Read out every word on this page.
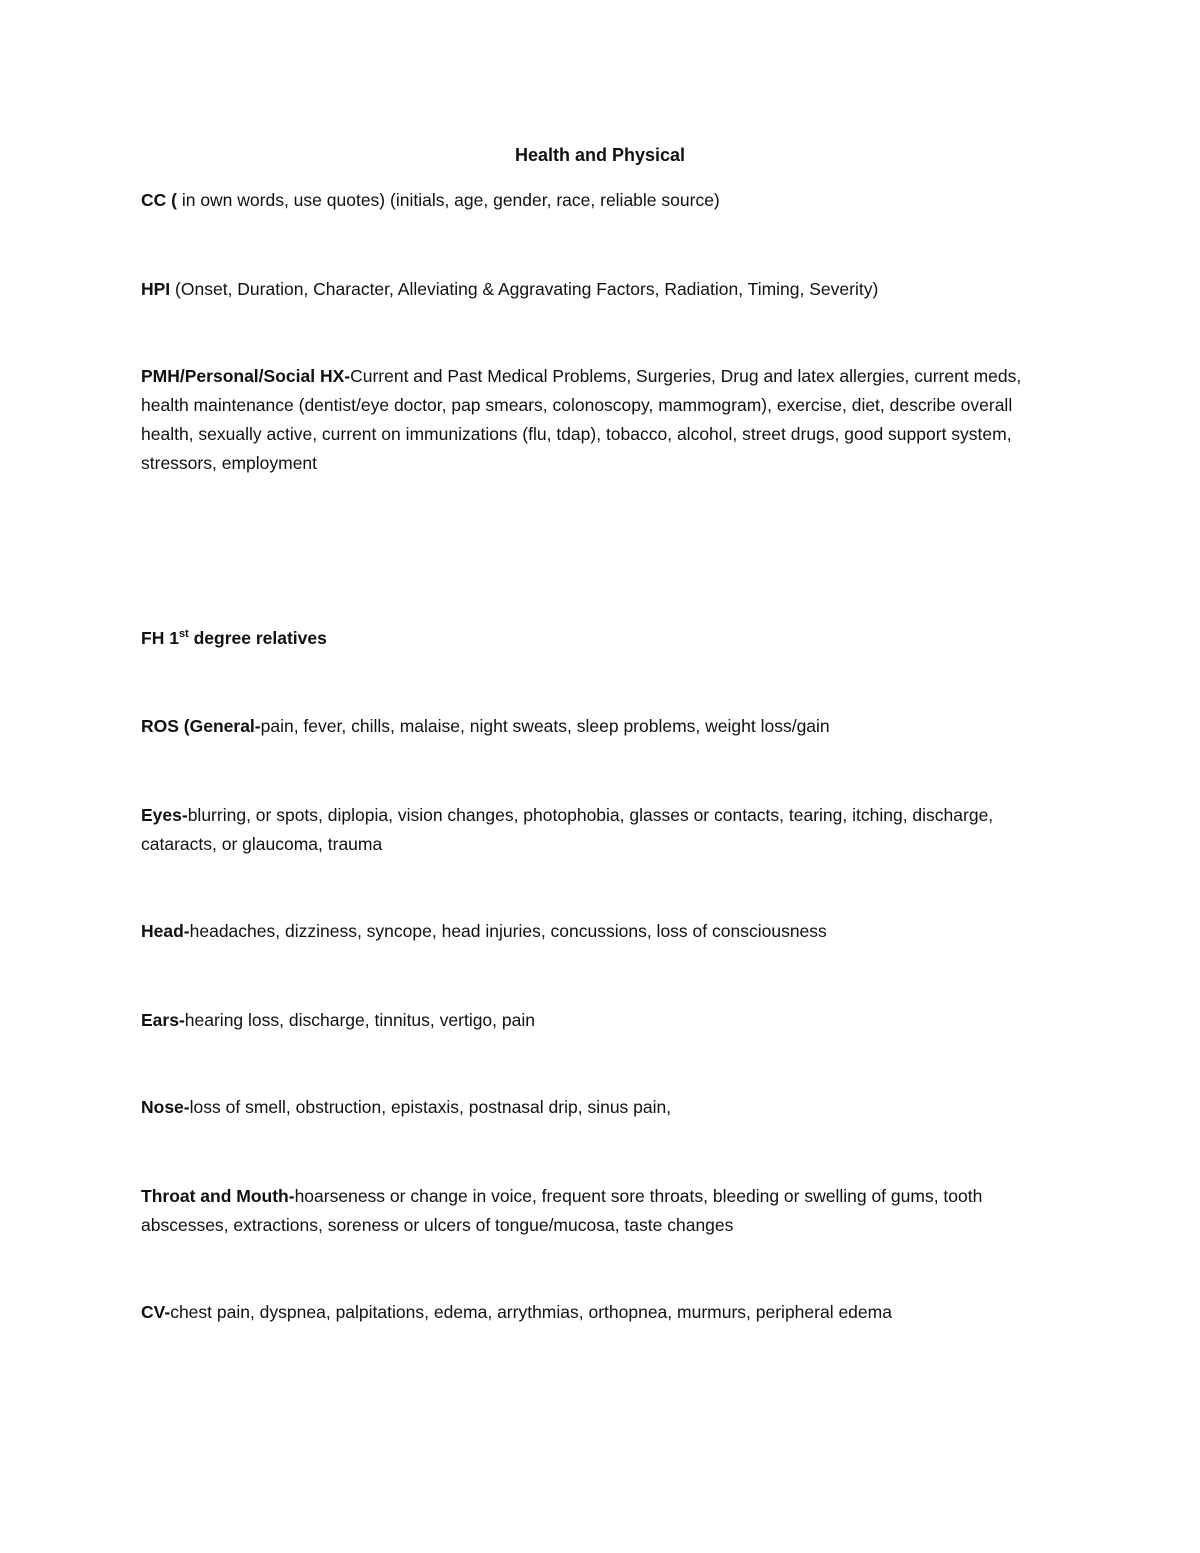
Health and Physical

CC ( in own words, use quotes) (initials, age, gender, race, reliable source)

HPI (Onset, Duration, Character, Alleviating & Aggravating Factors, Radiation, Timing, Severity)

PMH/Personal/Social HX-Current and Past Medical Problems, Surgeries, Drug and latex allergies, current meds, health maintenance (dentist/eye doctor, pap smears, colonoscopy, mammogram), exercise, diet, describe overall health, sexually active, current on immunizations (flu, tdap), tobacco, alcohol, street drugs, good support system, stressors, employment

FH 1st degree relatives

ROS (General-pain, fever, chills, malaise, night sweats, sleep problems, weight loss/gain

Eyes-blurring, or spots, diplopia, vision changes, photophobia, glasses or contacts, tearing, itching, discharge, cataracts, or glaucoma, trauma

Head-headaches, dizziness, syncope, head injuries, concussions, loss of consciousness

Ears-hearing loss, discharge, tinnitus, vertigo, pain

Nose-loss of smell, obstruction, epistaxis, postnasal drip, sinus pain,

Throat and Mouth-hoarseness or change in voice, frequent sore throats, bleeding or swelling of gums, tooth abscesses, extractions, soreness or ulcers of tongue/mucosa, taste changes

CV-chest pain, dyspnea, palpitations, edema, arrythmias, orthopnea, murmurs, peripheral edema
